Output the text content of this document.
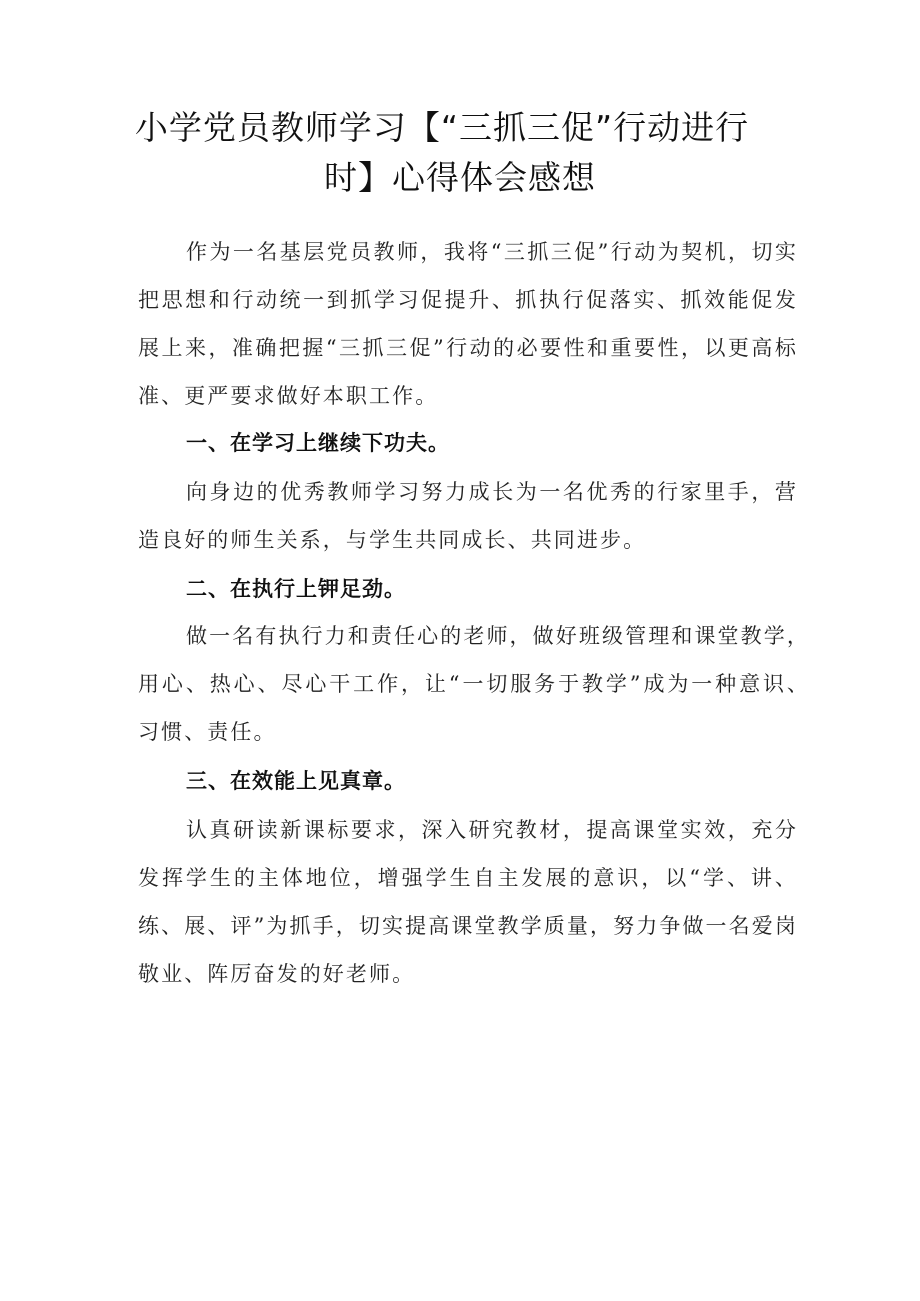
小学党员教师学习【“三抓三促”行动进行
时】心得体会感想

作为一名基层党员教师，我将“三抓三促”行动为契机，切实把思想和行动统一到抓学习促提升、抓执行促落实、抓效能促发展上来，准确把握“三抓三促”行动的必要性和重要性，以更高标准、更严要求做好本职工作。

一、在学习上继续下功夫。

向身边的优秀教师学习努力成长为一名优秀的行家里手，营造良好的师生关系，与学生共同成长、共同进步。

二、在执行上钾足劲。

做一名有执行力和责任心的老师，做好班级管理和课堂教学，用心、热心、尽心干工作，让“一切服务于教学”成为一种意识、习惯、责任。

三、在效能上见真章。

认真研读新课标要求，深入研究教材，提高课堂实效，充分发挥学生的主体地位，增强学生自主发展的意识，以“学、讲、练、展、评”为抓手，切实提高课堂教学质量，努力争做一名爱岗敬业、阵厉奋发的好老师。
